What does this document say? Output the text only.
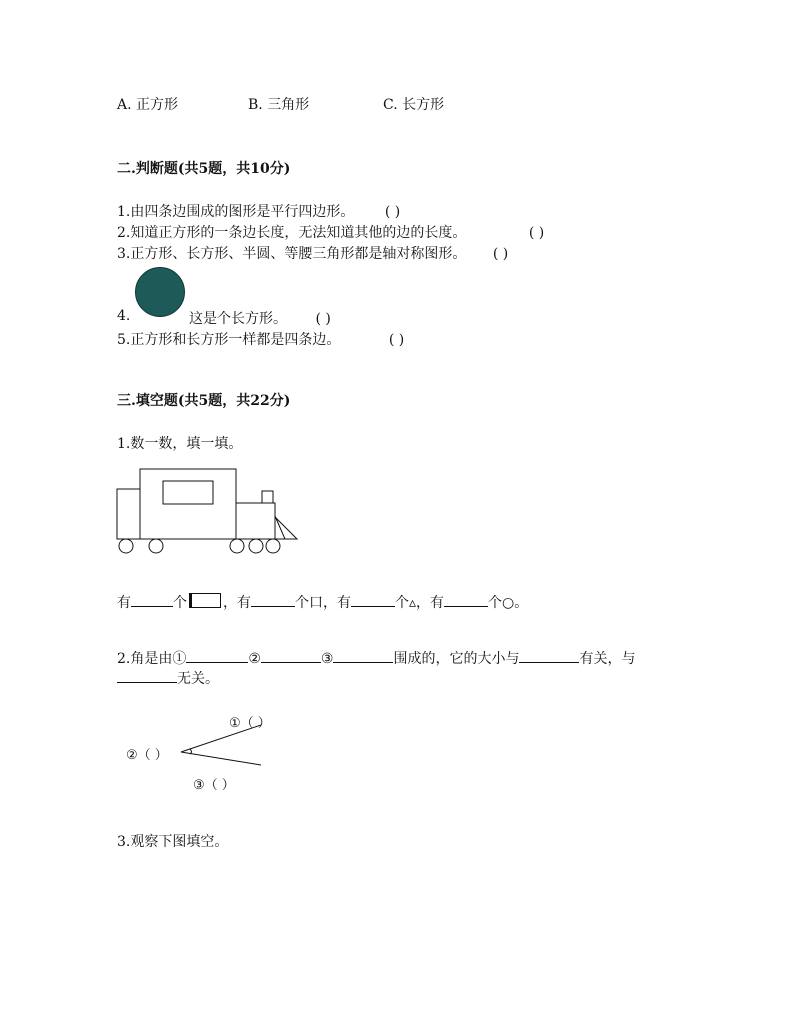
A. 正方形	B. 三角形	C. 长方形
二.判断题(共5题，共10分)
1.由四条边围成的图形是平行四边形。 ( )
2.知道正方形的一条边长度，无法知道其他的边的长度。	( )
3.正方形、长方形、半圆、等腰三角形都是轴对称图形。 ( )
4.	这是个长方形。 ( )
5.正方形和长方形一样都是四条边。	( )
三.填空题(共5题，共22分)
1.数一数，填一填。
有	个	，有	个口，有	个▵，有	个○。
2.角是由①	②	③	围成的，它的大小与	有关，与
无关。
①（ ）
②（ ）
③（ ）
3.观察下图填空。
